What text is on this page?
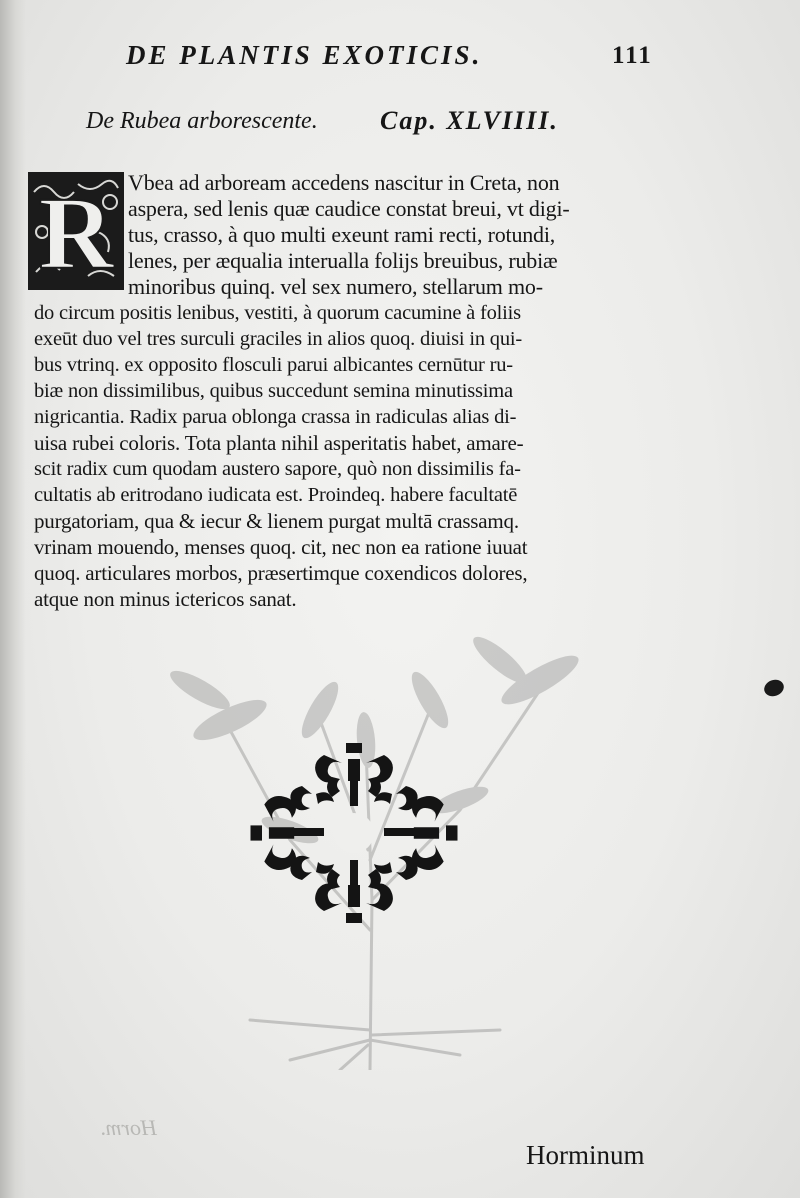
DE PLANTIS EXOTICIS.	111
De Rubea arborescente. Cap. XLVIIII.
R Vbea ad arboream accedens nascitur in Creta, non
aspera, sed lenis quæ caudice constat breui, vt digi-
tus, crasso, à quo multi exeunt rami recti, rotundi,
lenes, per æqualia interualla folijs breuibus, rubiæ
minoribus quinq. vel sex numero, stellarum mo-
do circum positis lenibus, vestiti, à quorum cacumine à foliis
exeūt duo vel tres surculi graciles in alios quoq. diuisi in qui-
bus vtrinq. ex opposito flosculi parui albicantes cernūtur ru-
biæ non dissimilibus, quibus succedunt semina minutissima
nigricantia. Radix parua oblonga crassa in radiculas alias di-
uisa rubei coloris. Tota planta nihil asperitatis habet, amare-
scit radix cum quodam austero sapore, quò non dissimilis fa-
cultatis ab eritrodano iudicata est. Proindeq. habere facultatē
purgatoriam, qua & iecur & lienem purgat multā crassamq.
vrinam mouendo, menses quoq. cit, nec non ea ratione iuuat
quoq. articulares morbos, præsertimque coxendicos dolores,
atque non minus ictericos sanat.
Horm.
Horminum
